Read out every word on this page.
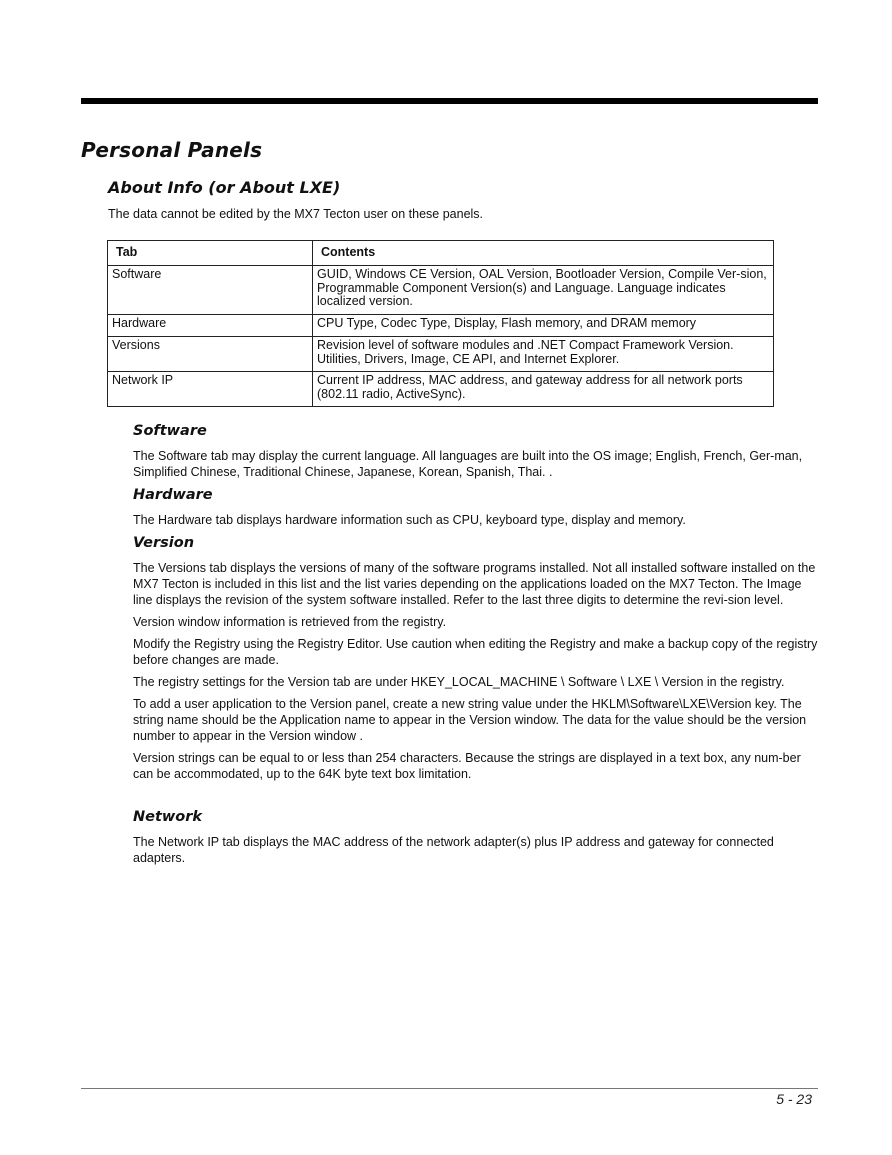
Personal Panels
About Info (or About LXE)

The data cannot be edited by the MX7 Tecton user on these panels.

Tab	Contents
Software	GUID, Windows CE Version, OAL Version, Bootloader Version, Compile Ver-sion, Programmable Component Version(s) and Language. Language indicates localized version.
Hardware	CPU Type, Codec Type, Display, Flash memory, and DRAM memory
Versions	Revision level of software modules and .NET Compact Framework Version. Utilities, Drivers, Image, CE API, and Internet Explorer.
Network IP	Current IP address, MAC address, and gateway address for all network ports (802.11 radio, ActiveSync).
Software

The Software tab may display the current language. All languages are built into the OS image; English, French, Ger-man, Simplified Chinese, Traditional Chinese, Japanese, Korean, Spanish, Thai. .

Hardware

The Hardware tab displays hardware information such as CPU, keyboard type, display and memory.

Version

The Versions tab displays the versions of many of the software programs installed. Not all installed software installed on the MX7 Tecton is included in this list and the list varies depending on the applications loaded on the MX7 Tecton. The Image line displays the revision of the system software installed. Refer to the last three digits to determine the revi-sion level.

Version window information is retrieved from the registry.

Modify the Registry using the Registry Editor. Use caution when editing the Registry and make a backup copy of the registry before changes are made.

The registry settings for the Version tab are under HKEY_LOCAL_MACHINE \ Software \ LXE \ Version in the registry.

To add a user application to the Version panel, create a new string value under the HKLM\Software\LXE\Version key. The string name should be the Application name to appear in the Version window. The data for the value should be the version number to appear in the Version window .

Version strings can be equal to or less than 254 characters. Because the strings are displayed in a text box, any num-ber can be accommodated, up to the 64K byte text box limitation.

Network

The Network IP tab displays the MAC address of the network adapter(s) plus IP address and gateway for connected adapters.

5 - 23
